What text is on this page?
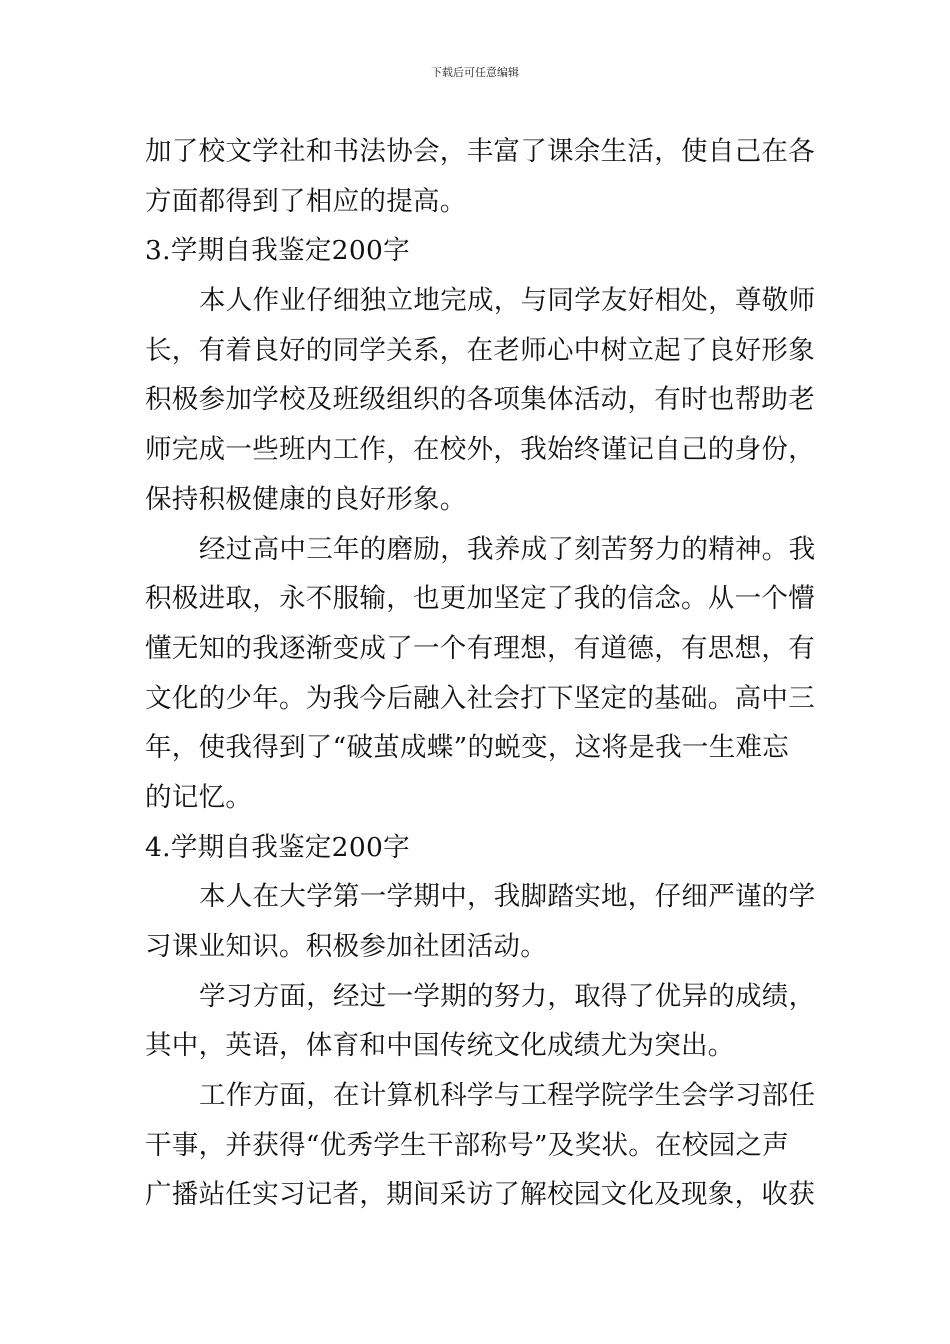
下载后可任意编辑
加了校文学社和书法协会，丰富了课余生活，使自己在各
方面都得到了相应的提高。
3.学期自我鉴定200字
本人作业仔细独立地完成，与同学友好相处，尊敬师
长，有着良好的同学关系，在老师心中树立起了良好形象
积极参加学校及班级组织的各项集体活动，有时也帮助老
师完成一些班内工作，在校外，我始终谨记自己的身份，
保持积极健康的良好形象。
经过高中三年的磨励，我养成了刻苦努力的精神。我
积极进取，永不服输，也更加坚定了我的信念。从一个懵
懂无知的我逐渐变成了一个有理想，有道德，有思想，有
文化的少年。为我今后融入社会打下坚定的基础。高中三
年，使我得到了“破茧成蝶”的蜕变，这将是我一生难忘
的记忆。
4.学期自我鉴定200字
本人在大学第一学期中，我脚踏实地，仔细严谨的学
习课业知识。积极参加社团活动。
学习方面，经过一学期的努力，取得了优异的成绩，
其中，英语，体育和中国传统文化成绩尤为突出。
工作方面，在计算机科学与工程学院学生会学习部任
干事，并获得“优秀学生干部称号”及奖状。在校园之声
广播站任实习记者，期间采访了解校园文化及现象，收获
